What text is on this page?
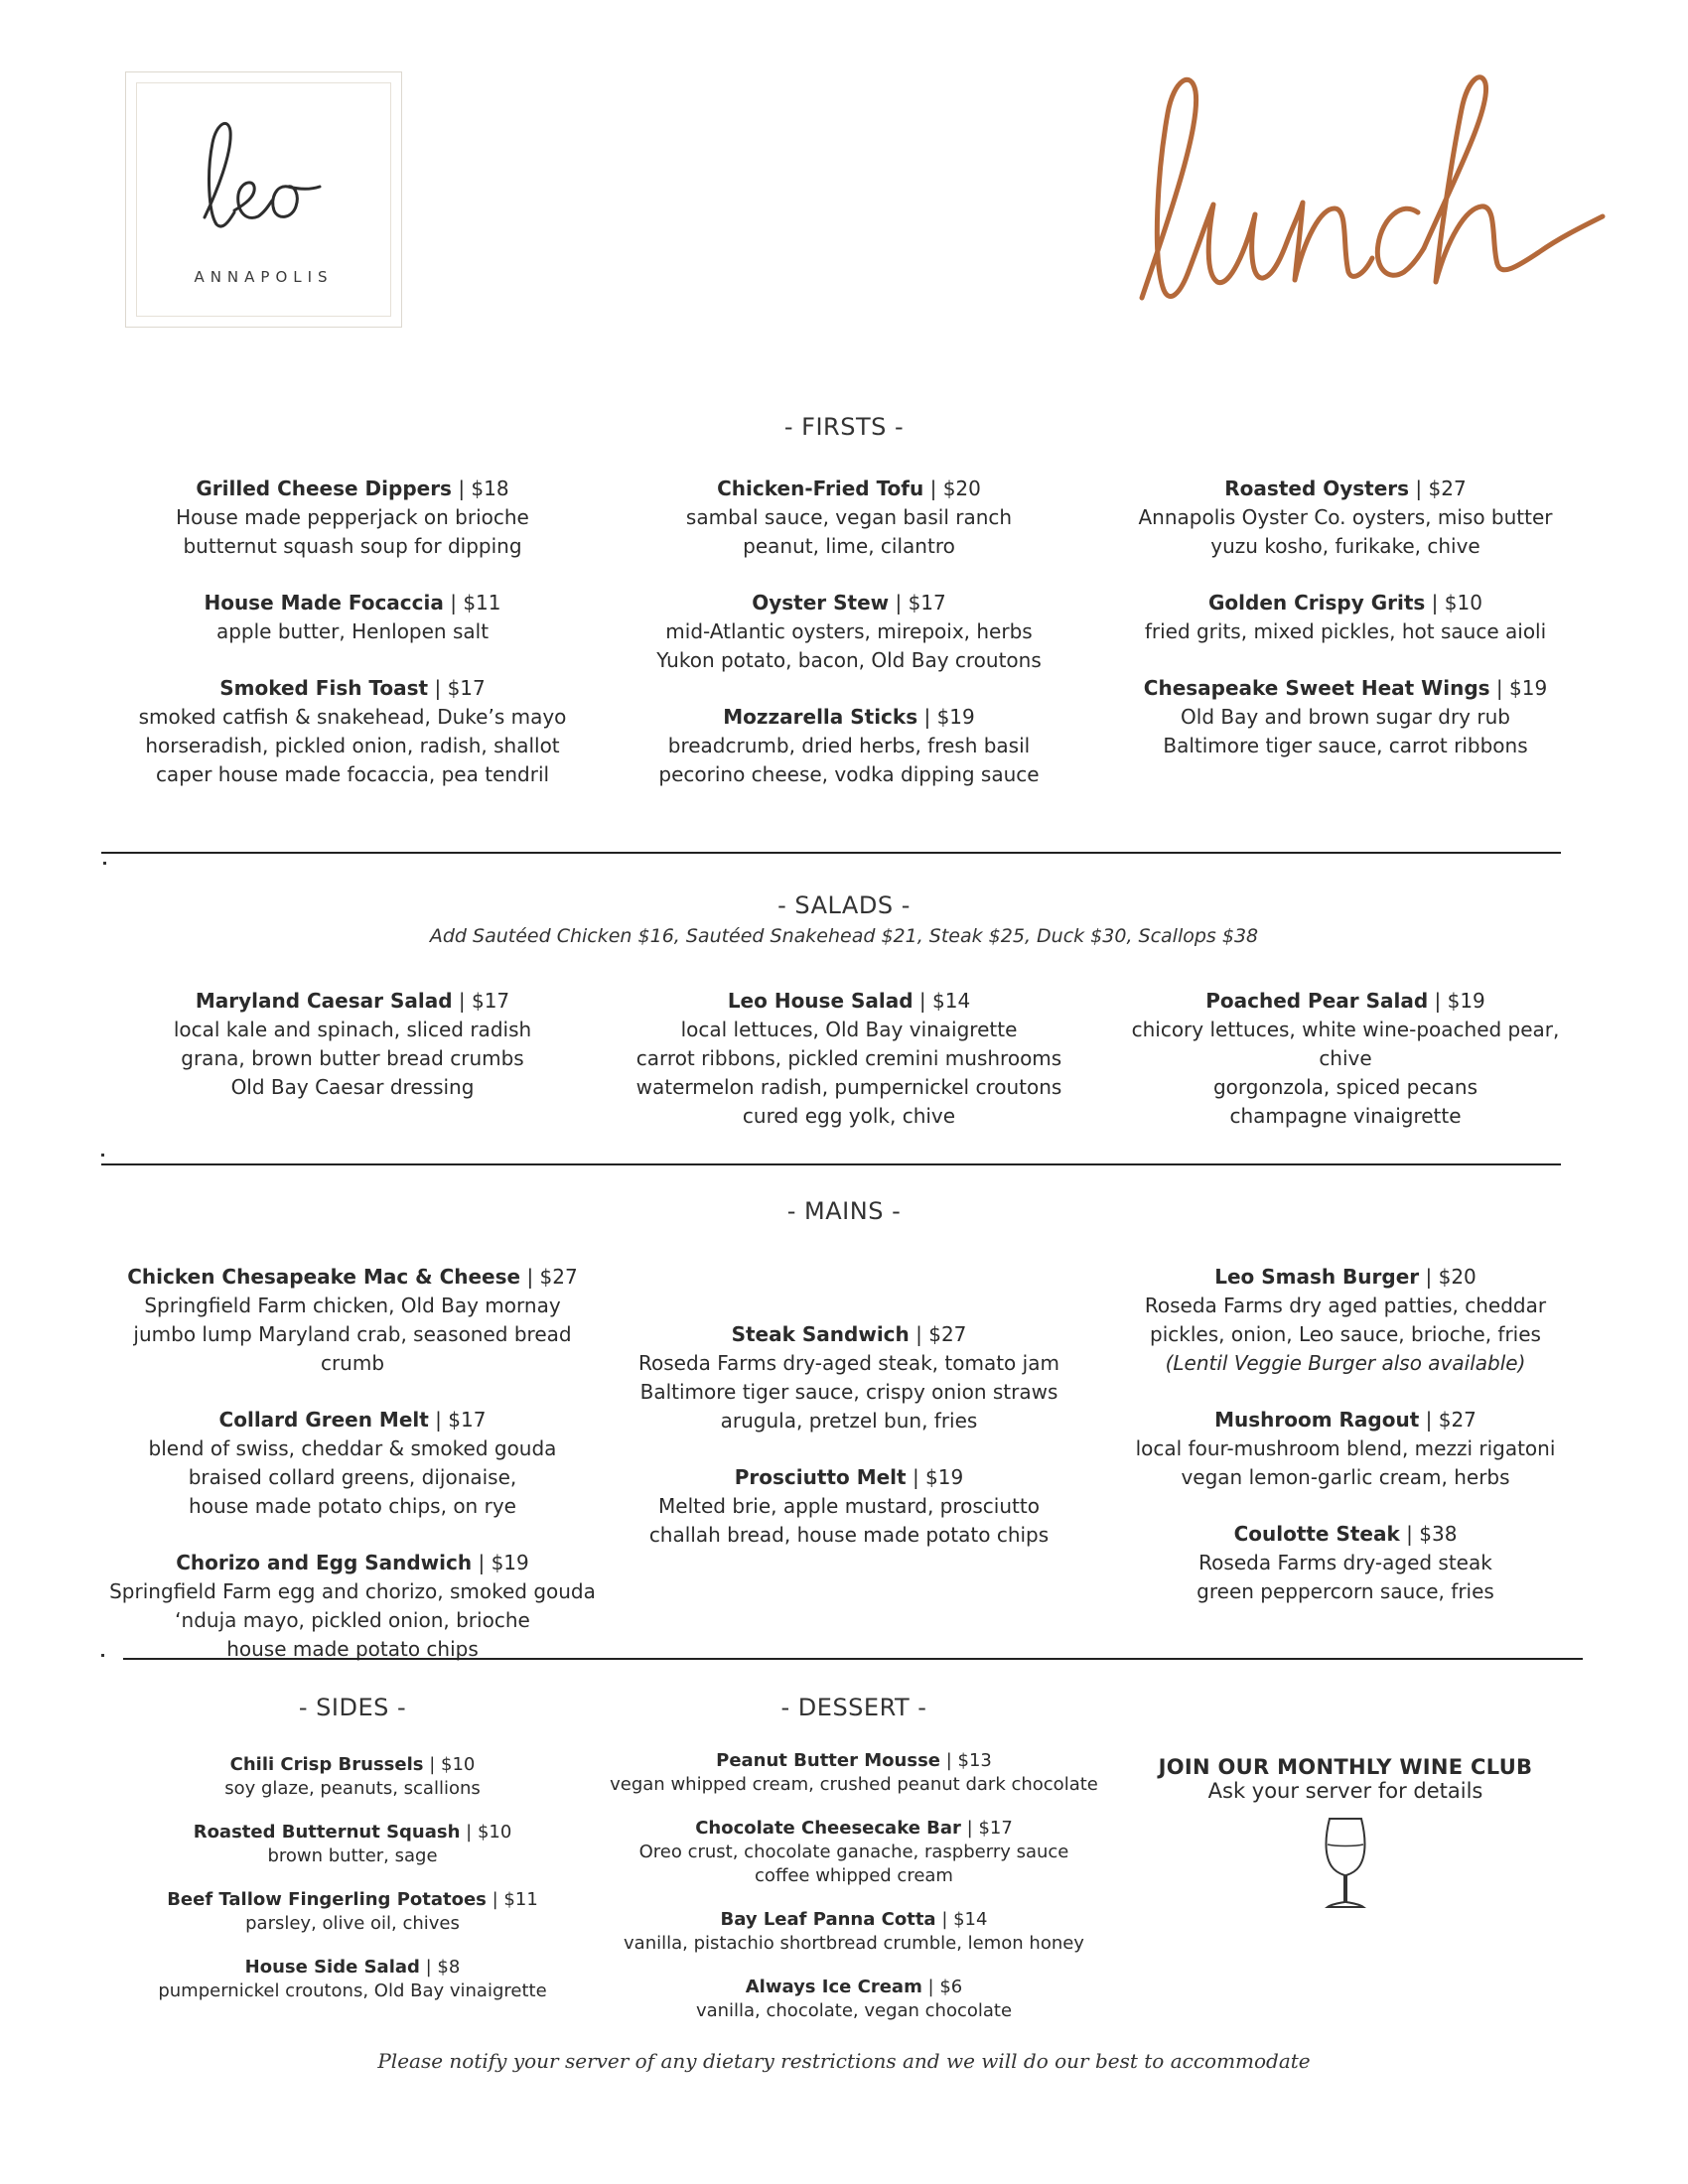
ANNAPOLIS
- FIRSTS -
Grilled Cheese Dippers | $18
House made pepperjack on brioche
butternut squash soup for dipping
House Made Focaccia | $11
apple butter, Henlopen salt
Smoked Fish Toast | $17
smoked catfish & snakehead, Duke’s mayo
horseradish, pickled onion, radish, shallot
caper house made focaccia, pea tendril
Chicken-Fried Tofu | $20
sambal sauce, vegan basil ranch
peanut, lime, cilantro
Oyster Stew | $17
mid-Atlantic oysters, mirepoix, herbs
Yukon potato, bacon, Old Bay croutons
Mozzarella Sticks | $19
breadcrumb, dried herbs, fresh basil
pecorino cheese, vodka dipping sauce
Roasted Oysters | $27
Annapolis Oyster Co. oysters, miso butter
yuzu kosho, furikake, chive
Golden Crispy Grits | $10
fried grits, mixed pickles, hot sauce aioli
Chesapeake Sweet Heat Wings | $19
Old Bay and brown sugar dry rub
Baltimore tiger sauce, carrot ribbons
- SALADS -
Add Sautéed Chicken $16, Sautéed Snakehead $21, Steak $25, Duck $30, Scallops $38
Maryland Caesar Salad | $17
local kale and spinach, sliced radish
grana, brown butter bread crumbs
Old Bay Caesar dressing
Leo House Salad | $14
local lettuces, Old Bay vinaigrette
carrot ribbons, pickled cremini mushrooms
watermelon radish, pumpernickel croutons
cured egg yolk, chive
Poached Pear Salad | $19
chicory lettuces, white wine-poached pear, chive
gorgonzola, spiced pecans
champagne vinaigrette
- MAINS -
Chicken Chesapeake Mac & Cheese | $27
Springfield Farm chicken, Old Bay mornay
jumbo lump Maryland crab, seasoned bread crumb
Collard Green Melt | $17
blend of swiss, cheddar & smoked gouda
braised collard greens, dijonaise,
house made potato chips, on rye
Chorizo and Egg Sandwich | $19
Springfield Farm egg and chorizo, smoked gouda
‘nduja mayo, pickled onion, brioche
house made potato chips
Steak Sandwich | $27
Roseda Farms dry-aged steak, tomato jam
Baltimore tiger sauce, crispy onion straws
arugula, pretzel bun, fries
Prosciutto Melt | $19
Melted brie, apple mustard, prosciutto
challah bread, house made potato chips
Leo Smash Burger | $20
Roseda Farms dry aged patties, cheddar
pickles, onion, Leo sauce, brioche, fries
(Lentil Veggie Burger also available)
Mushroom Ragout | $27
local four-mushroom blend, mezzi rigatoni
vegan lemon-garlic cream, herbs
Coulotte Steak | $38
Roseda Farms dry-aged steak
green peppercorn sauce, fries
- SIDES -
Chili Crisp Brussels | $10
soy glaze, peanuts, scallions
Roasted Butternut Squash | $10
brown butter, sage
Beef Tallow Fingerling Potatoes | $11
parsley, olive oil, chives
House Side Salad | $8
pumpernickel croutons, Old Bay vinaigrette
- DESSERT -
Peanut Butter Mousse | $13
vegan whipped cream, crushed peanut dark chocolate
Chocolate Cheesecake Bar | $17
Oreo crust, chocolate ganache, raspberry sauce
coffee whipped cream
Bay Leaf Panna Cotta | $14
vanilla, pistachio shortbread crumble, lemon honey
Always Ice Cream | $6
vanilla, chocolate, vegan chocolate
JOIN OUR MONTHLY WINE CLUB
Ask your server for details
Please notify your server of any dietary restrictions and we will do our best to accommodate
